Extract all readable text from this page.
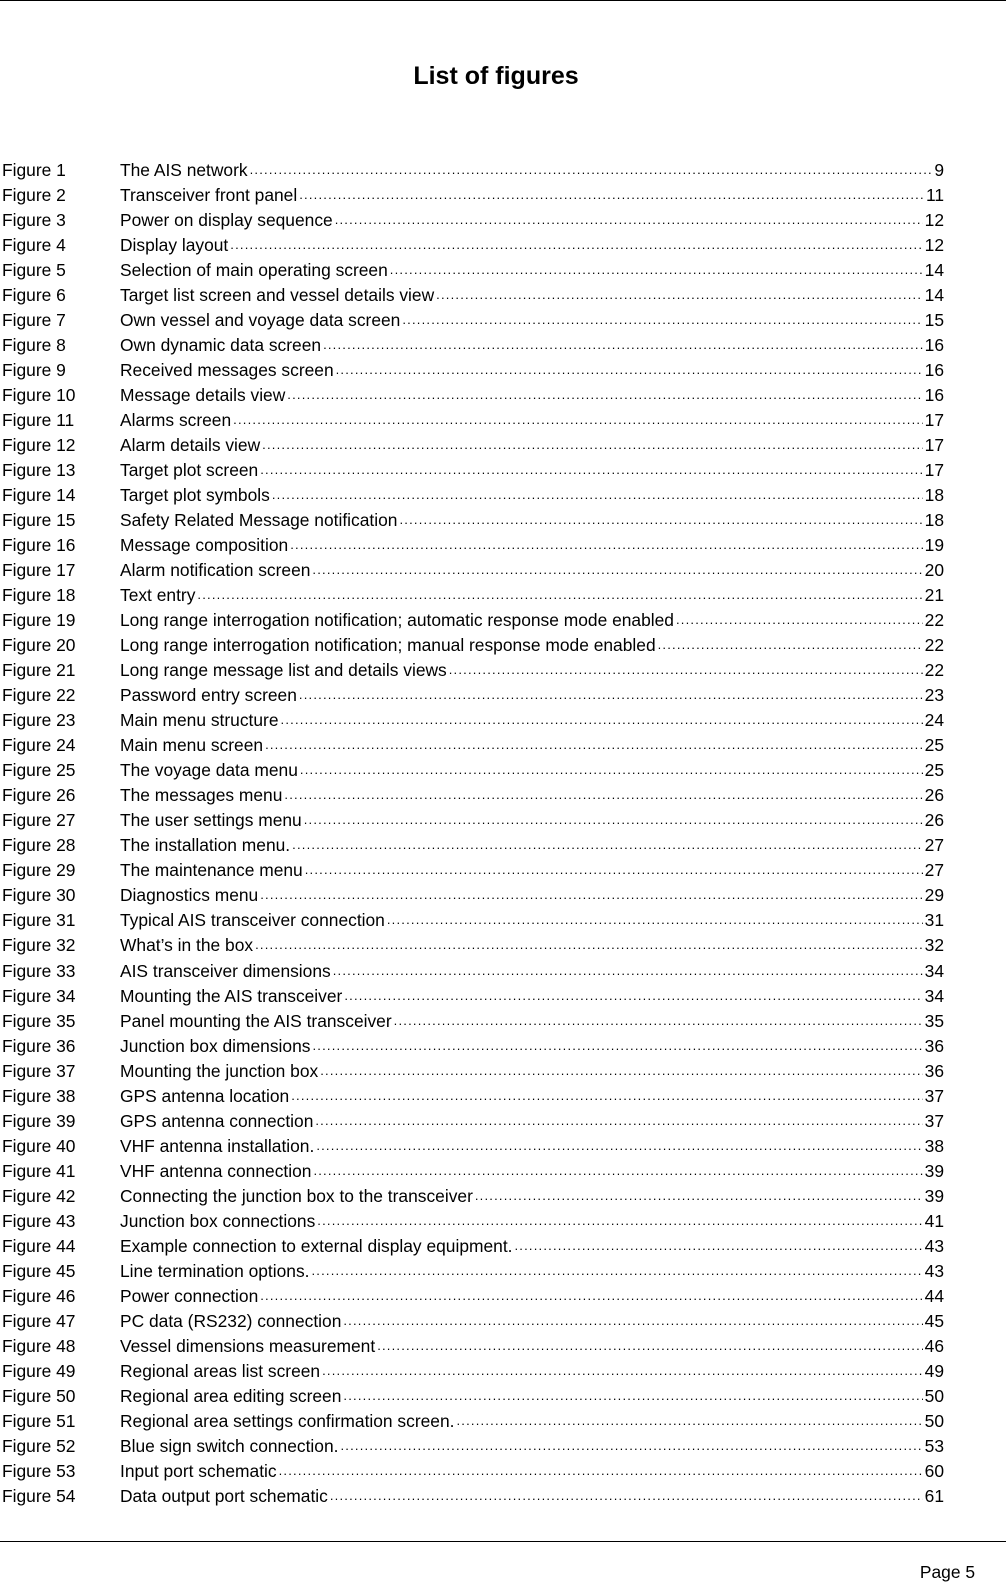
List of figures
Figure 1	The AIS network .....	9
Figure 2	Transceiver front panel .....	11
Figure 3	Power on display sequence .....	12
Figure 4	Display layout .....	12
Figure 5	Selection of main operating screen .....	14
Figure 6	Target list screen and vessel details view .....	14
Figure 7	Own vessel and voyage data screen .....	15
Figure 8	Own dynamic data screen .....	16
Figure 9	Received messages screen .....	16
Figure 10	Message details view .....	16
Figure 11	Alarms screen .....	17
Figure 12	Alarm details view .....	17
Figure 13	Target plot screen .....	17
Figure 14	Target plot symbols .....	18
Figure 15	Safety Related Message notification .....	18
Figure 16	Message composition .....	19
Figure 17	Alarm notification screen .....	20
Figure 18	Text entry .....	21
Figure 19	Long range interrogation notification; automatic response mode enabled .....	22
Figure 20	Long range interrogation notification; manual response mode enabled .....	22
Figure 21	Long range message list and details views .....	22
Figure 22	Password entry screen .....	23
Figure 23	Main menu structure .....	24
Figure 24	Main menu screen .....	25
Figure 25	The voyage data menu .....	25
Figure 26	The messages menu .....	26
Figure 27	The user settings menu .....	26
Figure 28	The installation menu. .....	27
Figure 29	The maintenance menu .....	27
Figure 30	Diagnostics menu .....	29
Figure 31	Typical AIS transceiver connection .....	31
Figure 32	What’s in the box .....	32
Figure 33	AIS transceiver dimensions .....	34
Figure 34	Mounting the AIS transceiver .....	34
Figure 35	Panel mounting the AIS transceiver .....	35
Figure 36	Junction box dimensions .....	36
Figure 37	Mounting the junction box .....	36
Figure 38	GPS antenna location .....	37
Figure 39	GPS antenna connection .....	37
Figure 40	VHF antenna installation. .....	38
Figure 41	VHF antenna connection .....	39
Figure 42	Connecting the junction box to the transceiver .....	39
Figure 43	Junction box connections .....	41
Figure 44	Example connection to external display equipment. .....	43
Figure 45	Line termination options. .....	43
Figure 46	Power connection .....	44
Figure 47	PC data (RS232) connection .....	45
Figure 48	Vessel dimensions measurement .....	46
Figure 49	Regional areas list screen .....	49
Figure 50	Regional area editing screen .....	50
Figure 51	Regional area settings confirmation screen. .....	50
Figure 52	Blue sign switch connection. .....	53
Figure 53	Input port schematic .....	60
Figure 54	Data output port schematic .....	61
Page 5
